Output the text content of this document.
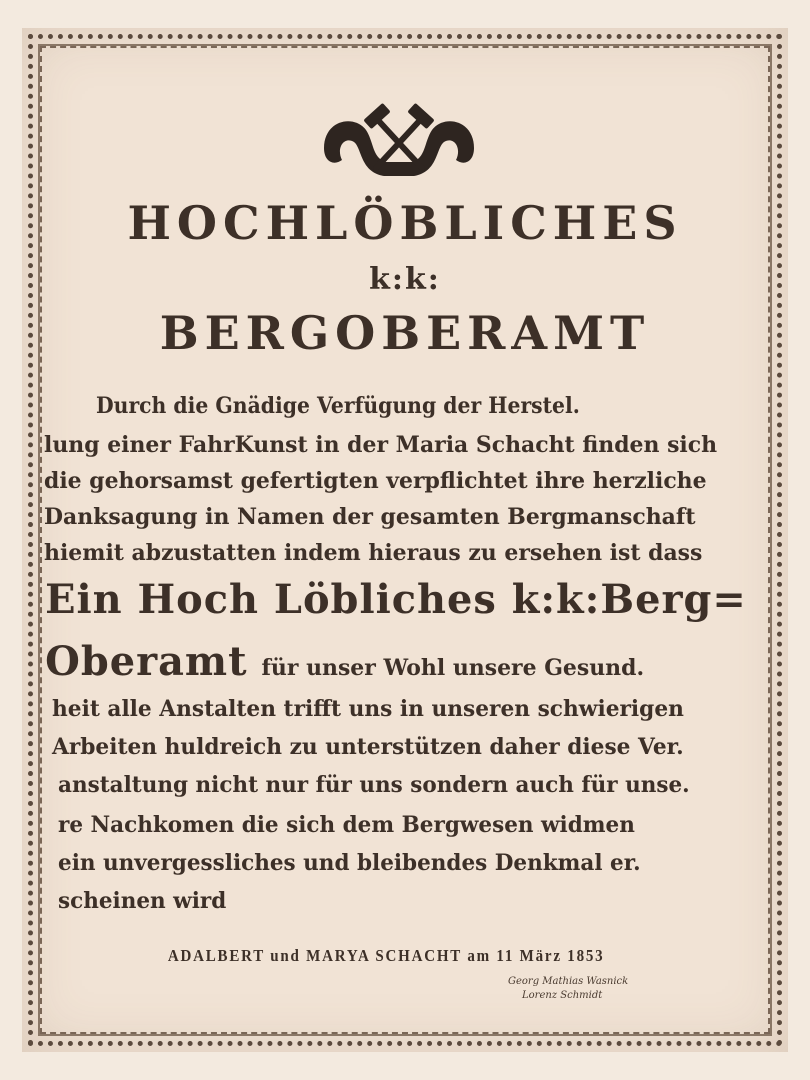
HOCHLÖBLICHES
k:k:
BERGOBERAMT
Durch die Gnädige Verfügung der Herstel.
lung einer FahrKunst in der Maria Schacht finden sich
die gehorsamst gefertigten verpflichtet ihre herzliche
Danksagung in Namen der gesamten Bergmanschaft
hiemit abzustatten indem hieraus zu ersehen ist dass
Ein Hoch Löbliches k:k:Berg=
Oberamt für unser Wohl unsere Gesund.
heit alle Anstalten trifft uns in unseren schwierigen
Arbeiten huldreich zu unterstützen daher diese Ver.
anstaltung nicht nur für uns sondern auch für unse.
re Nachkomen die sich dem Bergwesen widmen
ein unvergessliches und bleibendes Denkmal er.
scheinen wird
ADALBERT und MARYA SCHACHT am 11 März 1853
Georg Mathias Wasnick
Lorenz Schmidt
